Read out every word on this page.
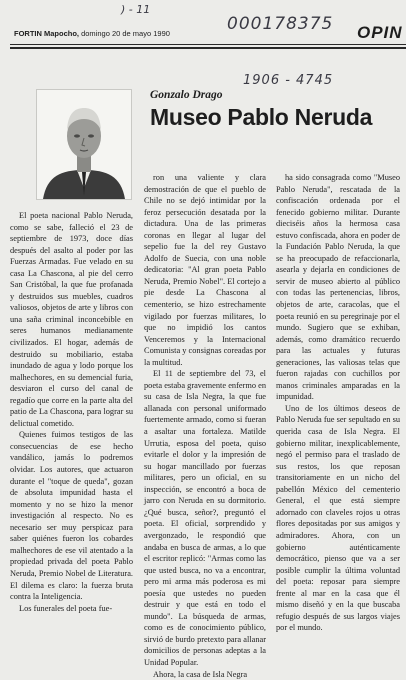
) - 11
000178375
FORTIN Mapocho, domingo 20 de mayo 1990	OPIN
Gonzalo Drago
1906 - 4745
Museo Pablo Neruda

El poeta nacional Pablo Neruda, como se sabe, falleció el 23 de septiembre de 1973, doce días después del asalto al poder por las Fuerzas Armadas. Fue velado en su casa La Chascona, al pie del cerro San Cristóbal, la que fue profanada y destruidos sus muebles, cuadros valiosos, objetos de arte y libros con una saña criminal inconcebible en seres humanos medianamente civilizados. El hogar, además de destruido su mobiliario, estaba inundado de agua y lodo porque los malhechores, en su demencial furia, desviaron el curso del canal de regadío que corre en la parte alta del patio de La Chascona, para lograr su delictual cometido.

Quienes fuimos testigos de las consecuencias de ese hecho vandálico, jamás lo podremos olvidar. Los autores, que actuaron durante el "toque de queda", gozan de absoluta impunidad hasta el momento y no se hizo la menor investigación al respecto. No es necesario ser muy perspicaz para saber quiénes fueron los cobardes malhechores de ese vil atentado a la propiedad privada del poeta Pablo Neruda, Premio Nobel de Literatura. El dilema es claro: la fuerza bruta contra la Inteligencia.

Los funerales del poeta fue-

ron una valiente y clara demostración de que el pueblo de Chile no se dejó intimidar por la feroz persecución desatada por la dictadura. Una de las primeras coronas en llegar al lugar del sepelio fue la del rey Gustavo Adolfo de Suecia, con una noble dedicatoria: "Al gran poeta Pablo Neruda, Premio Nobel". El cortejo a pie desde La Chascona al cementerio, se hizo estrechamente vigilado por fuerzas militares, lo que no impidió los cantos Venceremos y la Internacional Comunista y consignas coreadas por la multitud.

El 11 de septiembre del 73, el poeta estaba gravemente enfermo en su casa de Isla Negra, la que fue allanada con personal uniformado fuertemente armado, como si fueran a asaltar una fortaleza. Matilde Urrutia, esposa del poeta, quiso evitarle el dolor y la impresión de su hogar mancillado por fuerzas militares, pero un oficial, en su inspección, se encontró a boca de jarro con Neruda en su dormitorio. ¿Qué busca, señor?, preguntó el poeta. El oficial, sorprendido y avergonzado, le respondió que andaba en busca de armas, a lo que el escritor replicó: "Armas como las que usted busca, no va a encontrar, pero mi arma más poderosa es mi poesía que ustedes no pueden destruir y que está en todo el mundo". La búsqueda de armas, como es de conocimiento público, sirvió de burdo pretexto para allanar domicilios de personas adeptas a la Unidad Popular.

Ahora, la casa de Isla Negra

ha sido consagrada como "Museo Pablo Neruda", rescatada de la confiscación ordenada por el fenecido gobierno militar. Durante dieciséis años la hermosa casa estuvo confiscada, ahora en poder de la Fundación Pablo Neruda, la que se ha preocupado de refaccionarla, asearla y dejarla en condiciones de servir de museo abierto al público con todas las pertenencias, libros, objetos de arte, caracolas, que el poeta reunió en su peregrinaje por el mundo. Sugiero que se exhiban, además, como dramático recuerdo para las actuales y futuras generaciones, las valiosas telas que fueron rajadas con cuchillos por manos criminales amparadas en la impunidad.

Uno de los últimos deseos de Pablo Neruda fue ser sepultado en su querida casa de Isla Negra. El gobierno militar, inexplicablemente, negó el permiso para el traslado de sus restos, los que reposan transitoriamente en un nicho del pabellón México del cementerio General, el que está siempre adornado con claveles rojos u otras flores depositadas por sus amigos y admiradores. Ahora, con un gobierno auténticamente democrático, pienso que va a ser posible cumplir la última voluntad del poeta: reposar para siempre frente al mar en la casa que él mismo diseñó y en la que buscaba refugio después de sus largos viajes por el mundo.
